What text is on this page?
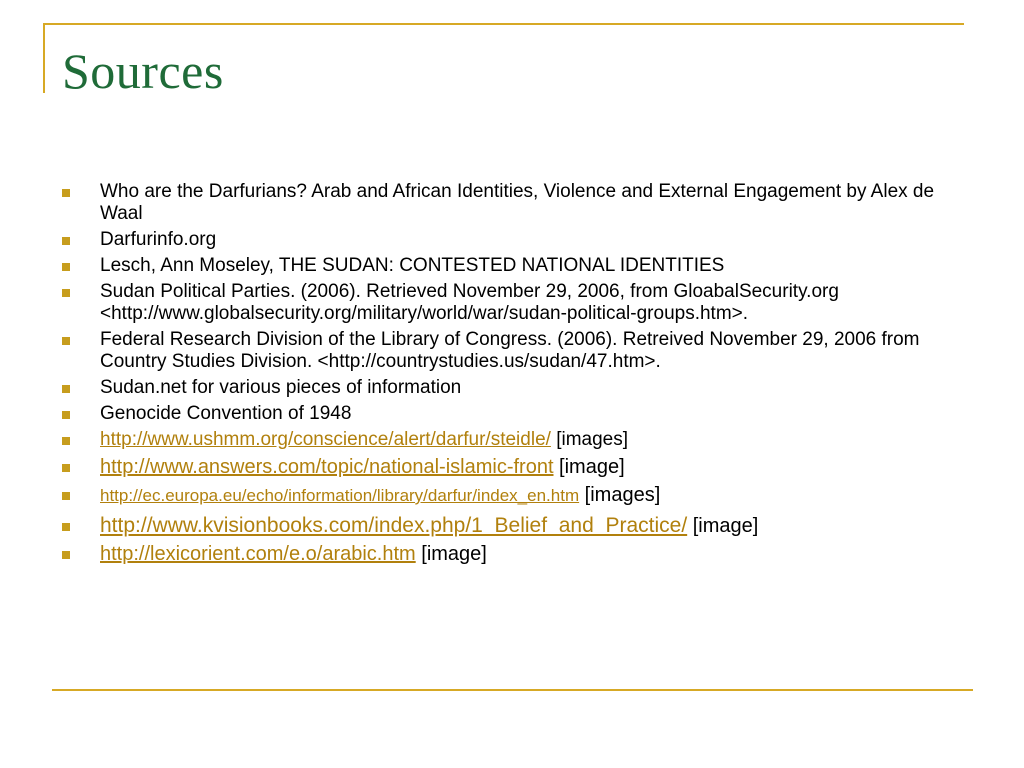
Sources
Who are the Darfurians? Arab and African Identities, Violence and External Engagement by Alex de Waal
Darfurinfo.org
Lesch, Ann Moseley, THE SUDAN: CONTESTED NATIONAL IDENTITIES
Sudan Political Parties. (2006). Retrieved November 29, 2006, from GloabalSecurity.org <http://www.globalsecurity.org/military/world/war/sudan-political-groups.htm>.
Federal Research Division of the Library of Congress. (2006). Retreived November 29, 2006 from Country Studies Division. <http://countrystudies.us/sudan/47.htm>.
Sudan.net for various pieces of information
Genocide Convention of 1948
http://www.ushmm.org/conscience/alert/darfur/steidle/ [images]
http://www.answers.com/topic/national-islamic-front [image]
http://ec.europa.eu/echo/information/library/darfur/index_en.htm [images]
http://www.kvisionbooks.com/index.php/1_Belief_and_Practice/ [image]
http://lexicorient.com/e.o/arabic.htm [image]
